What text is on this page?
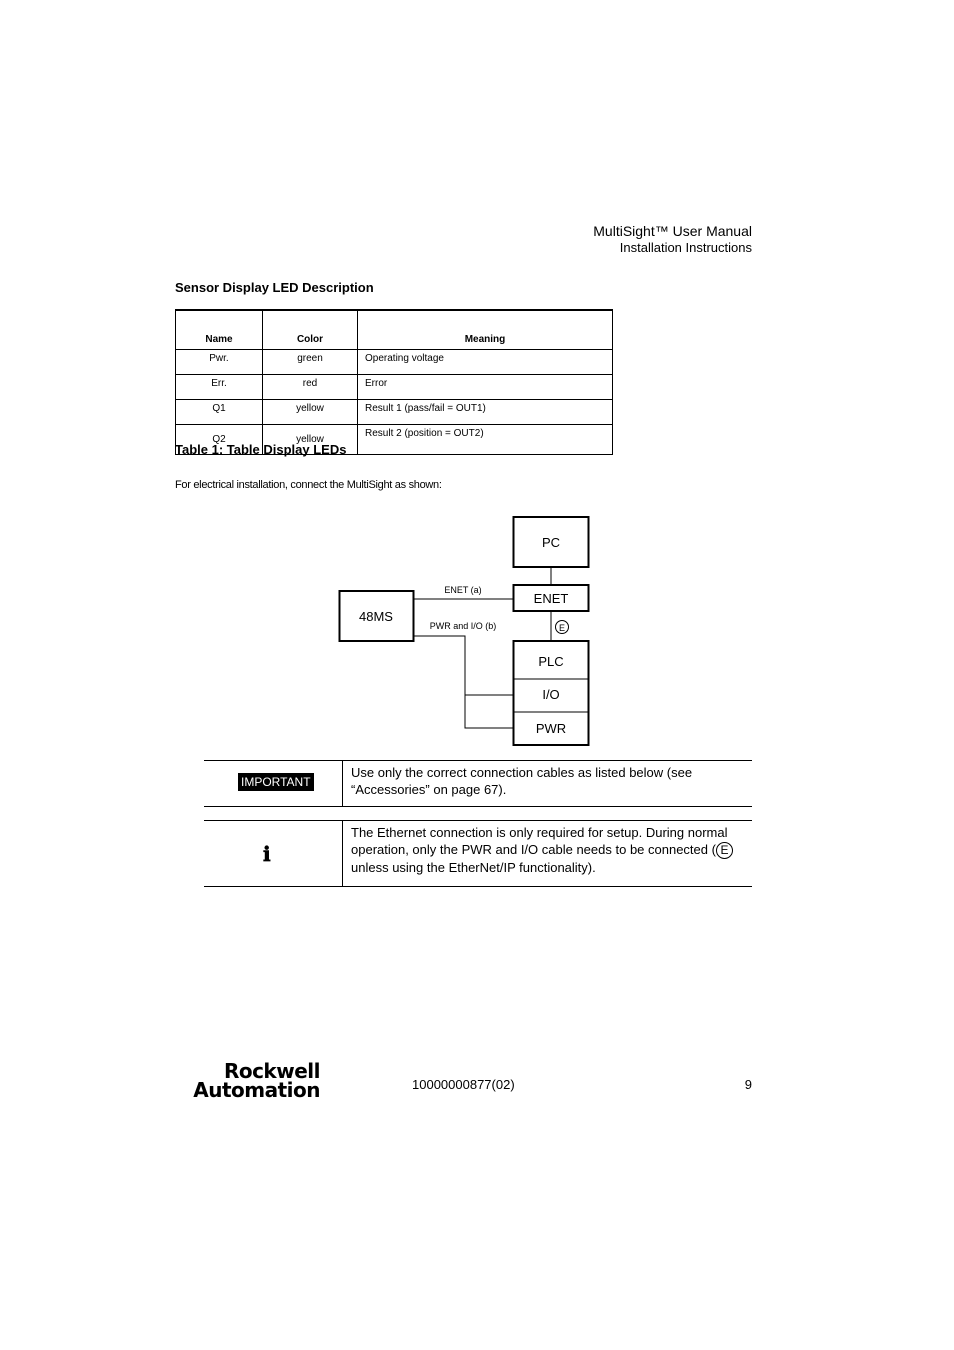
MultiSight™ User Manual
Installation Instructions
Sensor Display LED Description
Name	Color	Meaning
Pwr.	green	Operating voltage
Err.	red	Error
Q1	yellow	Result 1 (pass/fail = OUT1)
Q2	yellow	Result 2 (position = OUT2)
Table 1: Table Display LEDs
For electrical installation, connect the MultiSight as shown:
PC
ENET
48MS
ENET (a)
PWR and I/O (b)	E
PLC
I/O
PWR
IMPORTANT
Use only the correct connection cables as listed below (see “Accessories” on page 67).
ℹ
The Ethernet connection is only required for setup. During normal operation, only the PWR and I/O cable needs to be connected ( E
unless using the EtherNet/IP functionality).
Rockwell
Automation	10000000877(02)	9
